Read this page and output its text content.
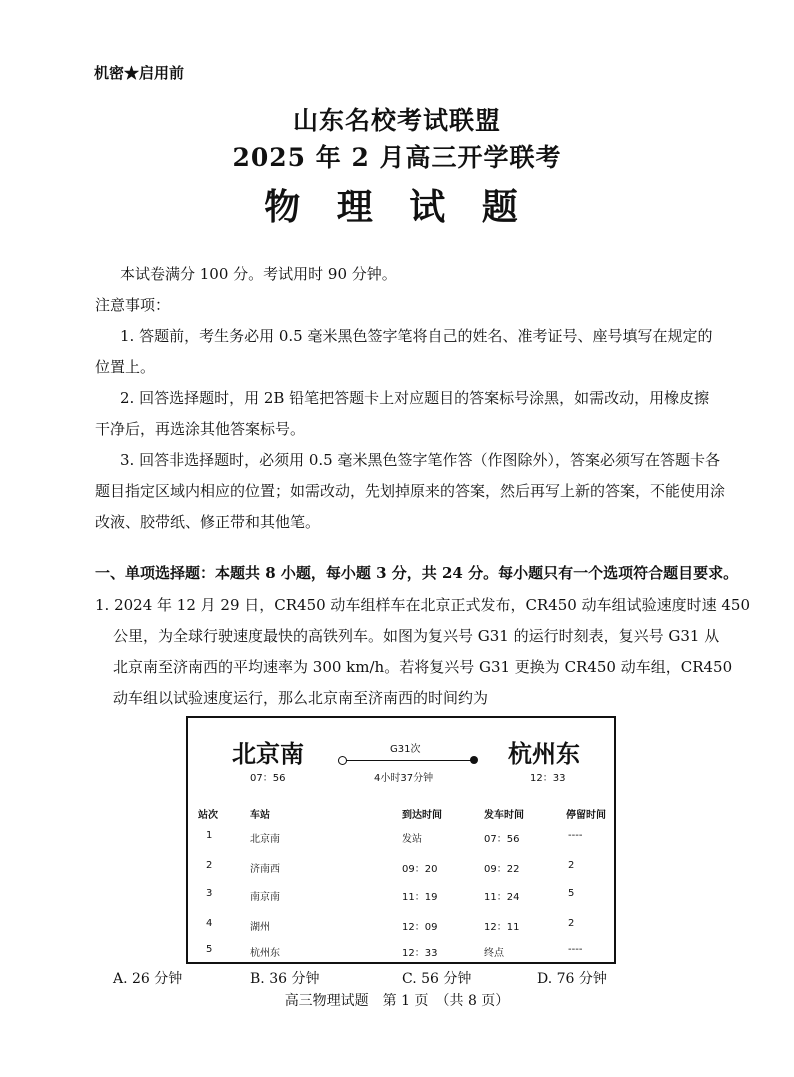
机密★启用前
山东名校考试联盟
2025 年 2 月高三开学联考
物 理 试 题
本试卷满分 100 分。考试用时 90 分钟。
注意事项：
1. 答题前，考生务必用 0.5 毫米黑色签字笔将自己的姓名、准考证号、座号填写在规定的
位置上。
2. 回答选择题时，用 2B 铅笔把答题卡上对应题目的答案标号涂黑，如需改动，用橡皮擦
干净后，再选涂其他答案标号。
3. 回答非选择题时，必须用 0.5 毫米黑色签字笔作答（作图除外），答案必须写在答题卡各
题目指定区域内相应的位置；如需改动，先划掉原来的答案，然后再写上新的答案，不能使用涂
改液、胶带纸、修正带和其他笔。
一、单项选择题：本题共 8 小题，每小题 3 分，共 24 分。每小题只有一个选项符合题目要求。
1. 2024 年 12 月 29 日，CR450 动车组样车在北京正式发布，CR450 动车组试验速度时速 450
公里，为全球行驶速度最快的高铁列车。如图为复兴号 G31 的运行时刻表，复兴号 G31 从
北京南至济南西的平均速率为 300 km/h。若将复兴号 G31 更换为 CR450 动车组，CR450
动车组以试验速度运行，那么北京南至济南西的时间约为
北京南
07：56
G31次
4小时37分钟
杭州东
12：33
站次	车站	到达时间	发车时间	停留时间
1	北京南	发站	07：56	----
2	济南西	09：20	09：22	2
3	南京南	11：19	11：24	5
4	湖州	12：09	12：11	2
5	杭州东	12：33	终点	----
A. 26 分钟	B. 36 分钟	C. 56 分钟	D. 76 分钟
高三物理试题　第 1 页　（共 8 页）
